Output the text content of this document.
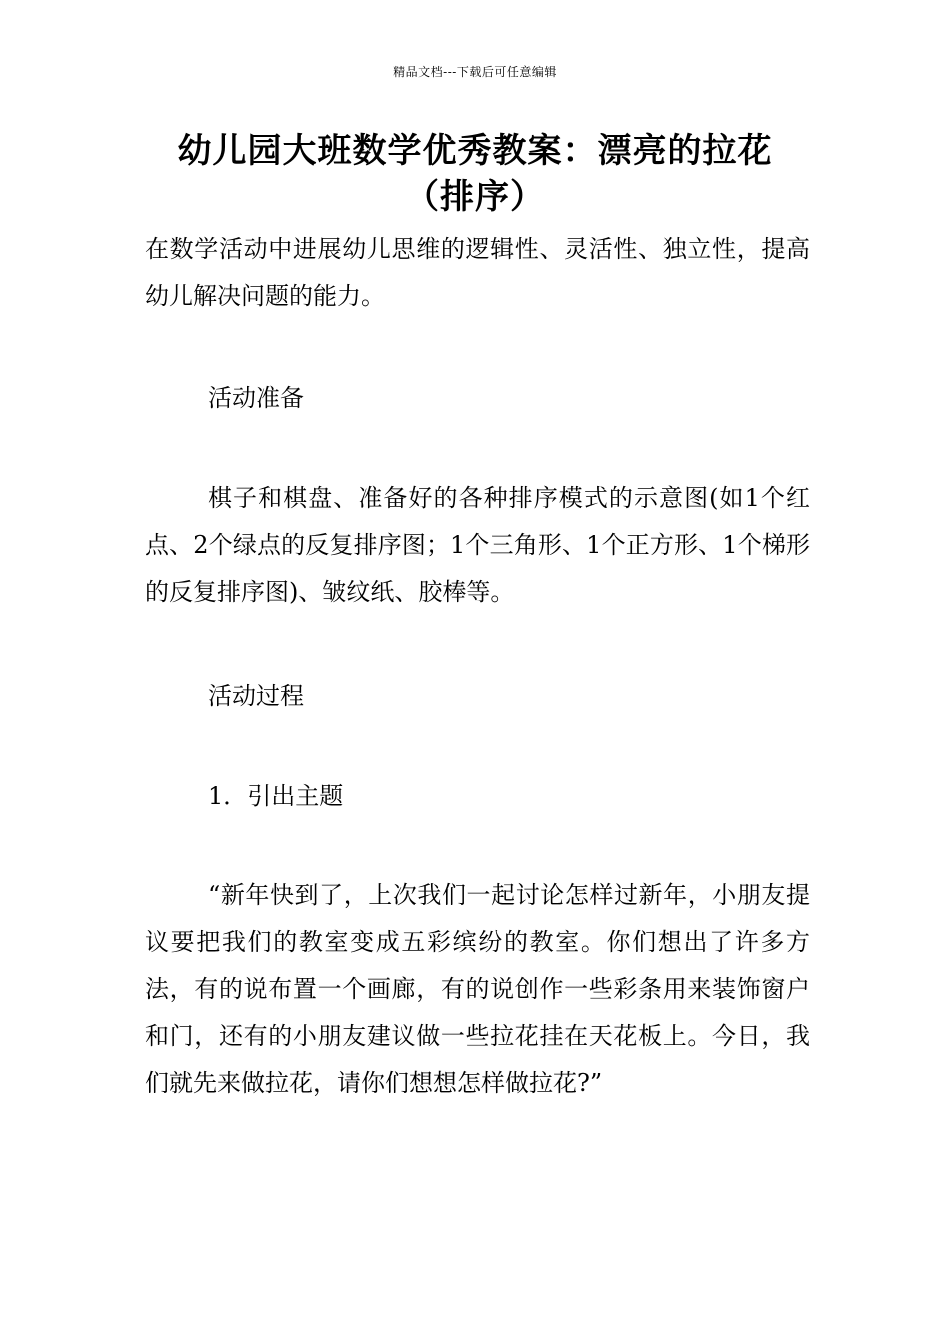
精品文档---下载后可任意编辑
幼儿园大班数学优秀教案：漂亮的拉花
（排序）

在数学活动中进展幼儿思维的逻辑性、灵活性、独立性，提高幼儿解决问题的能力。

活动准备

棋子和棋盘、准备好的各种排序模式的示意图(如1个红点、2个绿点的反复排序图；1个三角形、1个正方形、1个梯形的反复排序图)、皱纹纸、胶棒等。

活动过程

1．引出主题

“新年快到了，上次我们一起讨论怎样过新年，小朋友提议要把我们的教室变成五彩缤纷的教室。你们想出了许多方法，有的说布置一个画廊，有的说创作一些彩条用来装饰窗户和门，还有的小朋友建议做一些拉花挂在天花板上。今日，我们就先来做拉花，请你们想想怎样做拉花?”
